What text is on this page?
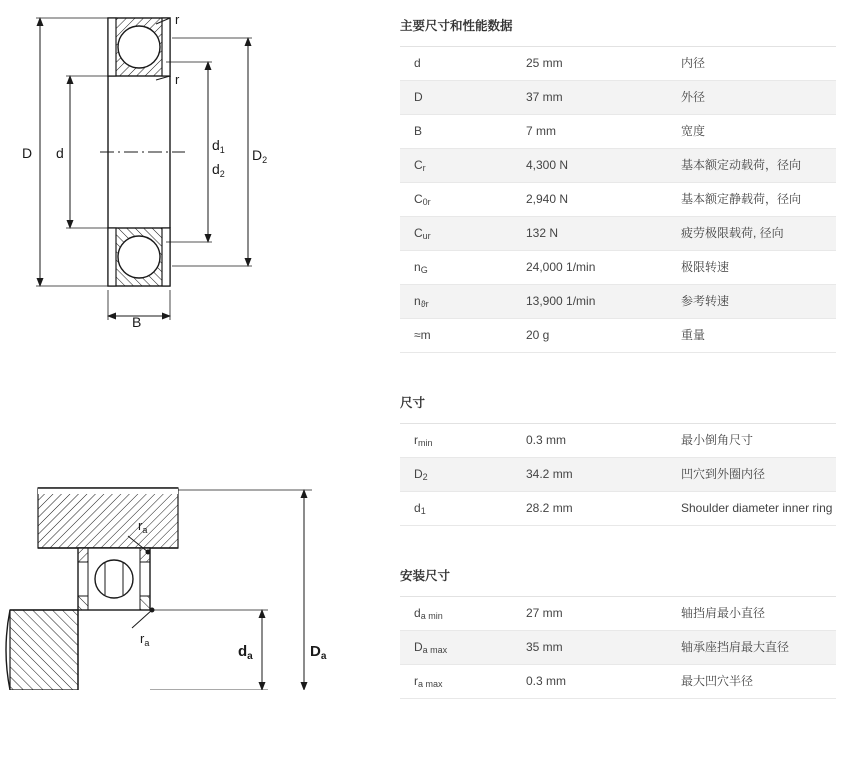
r
r
D d	$d_1$
$d_2$
$D_2$
B
$r_a$
$r_a$	$d_a$	$D_a$
主要尺寸和性能数据
d	25 mm	内径
D	37 mm	外径
B	7 mm	宽度
$C_r$	4,300 N	基本额定动载荷，径向
$C_{0r}$	2,940 N	基本额定静载荷，径向
$C_{ur}$	132 N	疲劳极限载荷, 径向
$n_G$	24,000 1/min	极限转速
$n_{ϑr}$	13,900 1/min	参考转速
≈m	20 g	重量
尺寸
$r_{min}$	0.3 mm	最小倒角尺寸
$D_2$	34.2 mm	凹穴到外圈内径
$d_1$	28.2 mm	Shoulder diameter inner ring
安装尺寸
$d_{a min}$	27 mm	轴挡肩最小直径
$D_{a max}$	35 mm	轴承座挡肩最大直径
$r_{a max}$	0.3 mm	最大凹穴半径
